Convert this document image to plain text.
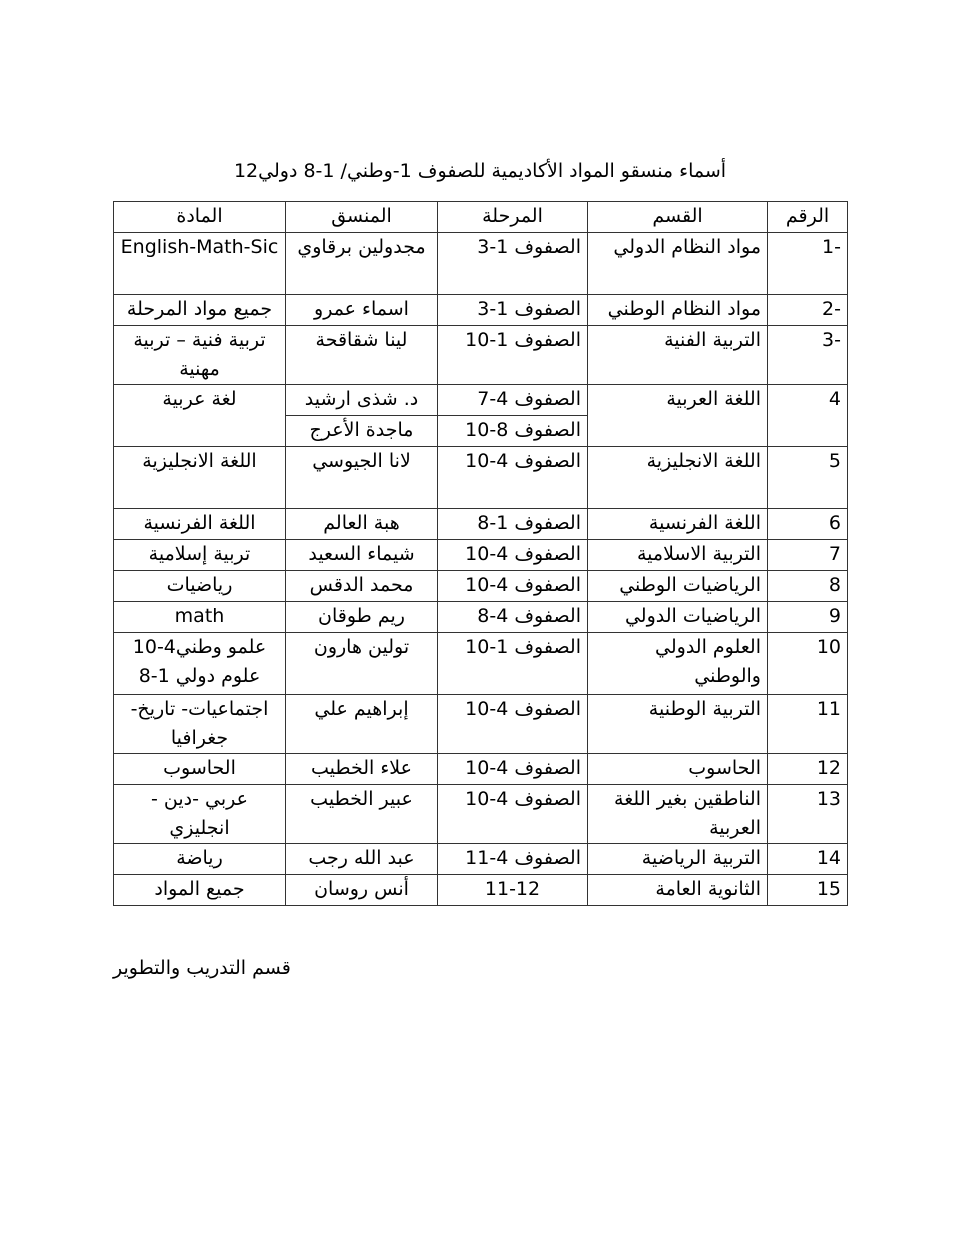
أسماء منسقو المواد الأكاديمية للصفوف 1-وطني/ 1-8 دولي12
الرقم	القسم	المرحلة	المنسق	المادة
-1	مواد النظام الدولي	الصفوف 1-3	مجدولين برقاوي	English-Math-Sic
-2	مواد النظام الوطني	الصفوف 1-3	اسماء عمرو	جميع مواد المرحلة
-3	التربية الفنية	الصفوف 1-10	لينا شقاقحة	تربية فنية – تربية مهنية
4	اللغة العربية	الصفوف 4-7	د. شذى ارشيد	لغة عربية
		الصفوف 8-10	ماجدة الأعرج	
5	اللغة الانجليزية	الصفوف 4-10	لانا الجيوسي	اللغة الانجليزية
6	اللغة الفرنسية	الصفوف 1-8	هبة العالم	اللغة الفرنسية
7	التربية الاسلامية	الصفوف 4-10	شيماء السعيد	تربية إسلامية
8	الرياضيات الوطني	الصفوف 4-10	محمد الدقس	رياضيات
9	الرياضيات الدولي	الصفوف 4-8	ريم طوقان	math
10	العلوم الدولي والوطني	الصفوف 1-10	تولين هارون	علمو وطني4-10 علوم دولي 1-8
11	التربية الوطنية	الصفوف 4-10	إبراهيم علي	اجتماعيات- تاريخ- جغرافيا
12	الحاسوب	الصفوف 4-10	علاء الخطيب	الحاسوب
13	الناطقين بغير اللغة العربية	الصفوف 4-10	عبير الخطيب	عربي -دين - انجليزي
14	التربية الرياضية	الصفوف 4-11	عبد الله رجب	رياضة
15	الثانوية العامة	11-12	أنس روسان	جميع المواد
قسم التدريب والتطوير
